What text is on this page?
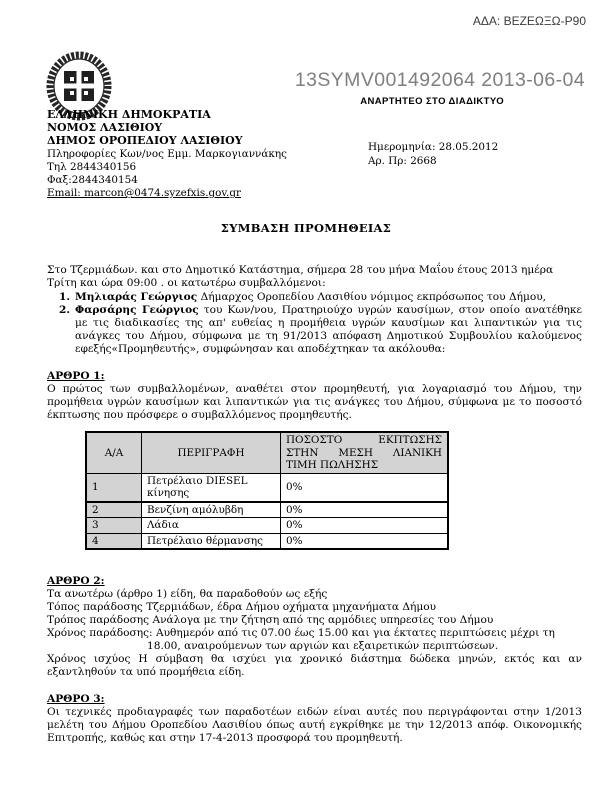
ΑΔΑ: ΒΕΖΕΩΞΩ-Ρ90
13SYMV001492064 2013-06-04
ΑΝΑΡΤΗΤΕΟ ΣΤΟ ΔΙΑΔΙΚΤΥΟ
ΕΛΛΗΝΙΚΗ ΔΗΜΟΚΡΑΤΙΑ
ΝΟΜΟΣ ΛΑΣΙΘΙΟΥ
ΔΗΜΟΣ ΟΡΟΠΕΔΙΟΥ ΛΑΣΙΘΙΟΥ
Πληροφορίες Κων/νος Εμμ. Μαρκογιαννάκης
Τηλ 2844340156
Φαξ:2844340154
Email: marcon@0474.syzefxis.gov.gr
Ημερομηνία: 28.05.2012
Αρ. Πρ: 2668
ΣΥΜΒΑΣΗ ΠΡΟΜΗΘΕΙΑΣ

Στο Τζερμιάδων. και στο Δημοτικό Κατάστημα, σήμερα 28 του μήνα Μαΐου έτους 2013 ημέρα Τρίτη και ώρα 09:00 . οι κατωτέρω συμβαλλόμενοι:

1. Μηλιαράς Γεώργιος Δήμαρχος Οροπεδίου Λασιθίου νόμιμος εκπρόσωπος του Δήμου,
2. Φαρσάρης Γεώργιος του Κων/νου, Πρατηριούχο υγρών καυσίμων, στον οποίο ανατέθηκε με τις διαδικασίες της απ' ευθείας η προμήθεια υγρών καυσίμων και λιπαντικών για τις ανάγκες του Δήμου, σύμφωνα με τη 91/2013 απόφαση Δημοτικού Συμβουλίου καλούμενος εφεξής«Προμηθευτής», συμφώνησαν και αποδέχτηκαν τα ακόλουθα:
ΑΡΘΡΟ 1:

Ο πρώτος των συμβαλλομένων, αναθέτει στον προμηθευτή, για λογαριασμό του Δήμου, την προμήθεια υγρών καυσίμων και λιπαντικών για τις ανάγκες του Δήμου, σύμφωνα με το ποσοστό έκπτωσης που πρόσφερε ο συμβαλλόμενος προμηθευτής.

Α/Α	ΠΕΡΙΓΡΑΦΗ	ΠΟΣΟΣΤΟ ΕΚΠΤΩΣΗΣ ΣΤΗΝ ΜΕΣΗ ΛΙΑΝΙΚΗ ΤΙΜΗ ΠΩΛΗΣΗΣ
1	Πετρέλαιο DIESEL κίνησης	0%
2	Βενζίνη αμόλυβδη	0%
3	Λάδια	0%
4	Πετρέλαιο θέρμανσης	0%
ΑΡΘΡΟ 2:

Τα ανωτέρω (άρθρο 1) είδη, θα παραδοθούν ως εξής

Τόπος παράδοσης Τζερμιάδων, έδρα Δήμου οχήματα μηχανήματα Δήμου

Τρόπος παράδοσης Ανάλογα με την ζήτηση από της αρμόδιες υπηρεσίες του Δήμου

Χρόνος παράδοσης: Αυθημερόν από τις 07.00 έως 15.00 και για έκτατες περιπτώσεις μέχρι τη

18.00, αναιρούμενων των αργιών και εξαιρετικών περιπτώσεων.

Χρόνος ισχύος Η σύμβαση θα ισχύει για χρονικό διάστημα δώδεκα μηνών, εκτός και αν εξαντληθούν τα υπό προμήθεια είδη.

ΑΡΘΡΟ 3:

Οι τεχνικές προδιαγραφές των παραδοτέων ειδών είναι αυτές που περιγράφονται στην 1/2013 μελέτη του Δήμου Οροπεδίου Λασιθίου όπως αυτή εγκρίθηκε με την 12/2013 απόφ. Οικονομικής Επιτροπής, καθώς και στην 17-4-2013 προσφορά του προμηθευτή.
